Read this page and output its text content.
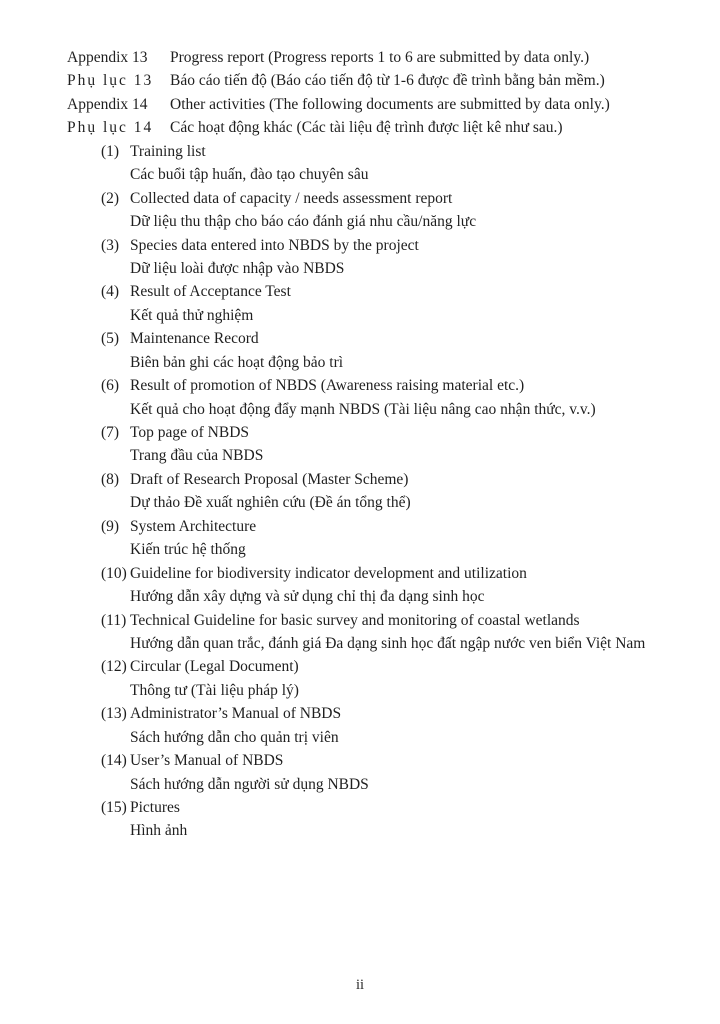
Appendix 13	Progress report (Progress reports 1 to 6 are submitted by data only.)
Phụ lục 13	Báo cáo tiến độ (Báo cáo tiến độ từ 1-6 được đề trình bằng bản mềm.)
Appendix 14	Other activities (The following documents are submitted by data only.)
Phụ lục 14	Các hoạt động khác (Các tài liệu đệ trình được liệt kê như sau.)
(1) Training list
Các buổi tập huấn, đào tạo chuyên sâu
(2) Collected data of capacity / needs assessment report
Dữ liệu thu thập cho báo cáo đánh giá nhu cầu/năng lực
(3) Species data entered into NBDS by the project
Dữ liệu loài được nhập vào NBDS
(4) Result of Acceptance Test
Kết quả thử nghiệm
(5) Maintenance Record
Biên bản ghi các hoạt động bảo trì
(6) Result of promotion of NBDS (Awareness raising material etc.)
Kết quả cho hoạt động đẩy mạnh NBDS (Tài liệu nâng cao nhận thức, v.v.)
(7) Top page of NBDS
Trang đầu của NBDS
(8) Draft of Research Proposal (Master Scheme)
Dự thảo Đề xuất nghiên cứu (Đề án tổng thể)
(9) System Architecture
Kiến trúc hệ thống
(10) Guideline for biodiversity indicator development and utilization
Hướng dẫn xây dựng và sử dụng chỉ thị đa dạng sinh học
(11) Technical Guideline for basic survey and monitoring of coastal wetlands
Hướng dẫn quan trắc, đánh giá Đa dạng sinh học đất ngập nước ven biển Việt Nam
(12) Circular (Legal Document)
Thông tư (Tài liệu pháp lý)
(13) Administrator’s Manual of NBDS
Sách hướng dẫn cho quản trị viên
(14) User’s Manual of NBDS
Sách hướng dẫn người sử dụng NBDS
(15) Pictures
Hình ảnh
ii
